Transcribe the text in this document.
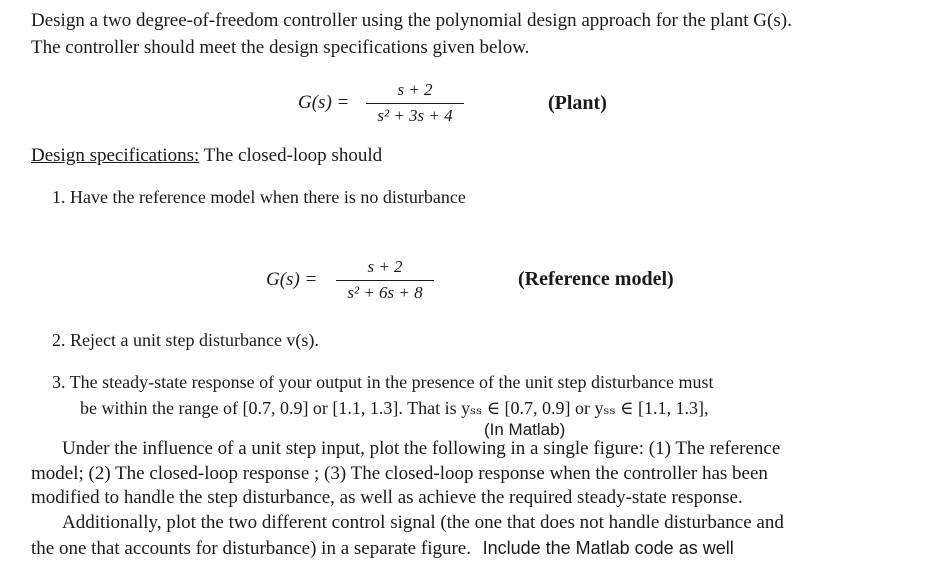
Design a two degree-of-freedom controller using the polynomial design approach for the plant G(s).
The controller should meet the design specifications given below.
G(s) =
s + 2
s² + 3s + 4
(Plant)
Design specifications: The closed-loop should
1. Have the reference model when there is no disturbance
G(s) =
s + 2
s² + 6s + 8
(Reference model)
2. Reject a unit step disturbance v(s).
3. The steady-state response of your output in the presence of the unit step disturbance must
be within the range of [0.7, 0.9] or [1.1, 1.3]. That is yₛₛ ∈ [0.7, 0.9] or yₛₛ ∈ [1.1, 1.3],
(In Matlab)
Under the influence of a unit step input, plot the following in a single figure: (1) The reference
model; (2) The closed-loop response ; (3) The closed-loop response when the controller has been
modified to handle the step disturbance, as well as achieve the required steady-state response.
Additionally, plot the two different control signal (the one that does not handle disturbance and
the one that accounts for disturbance) in a separate figure. Include the Matlab code as well
